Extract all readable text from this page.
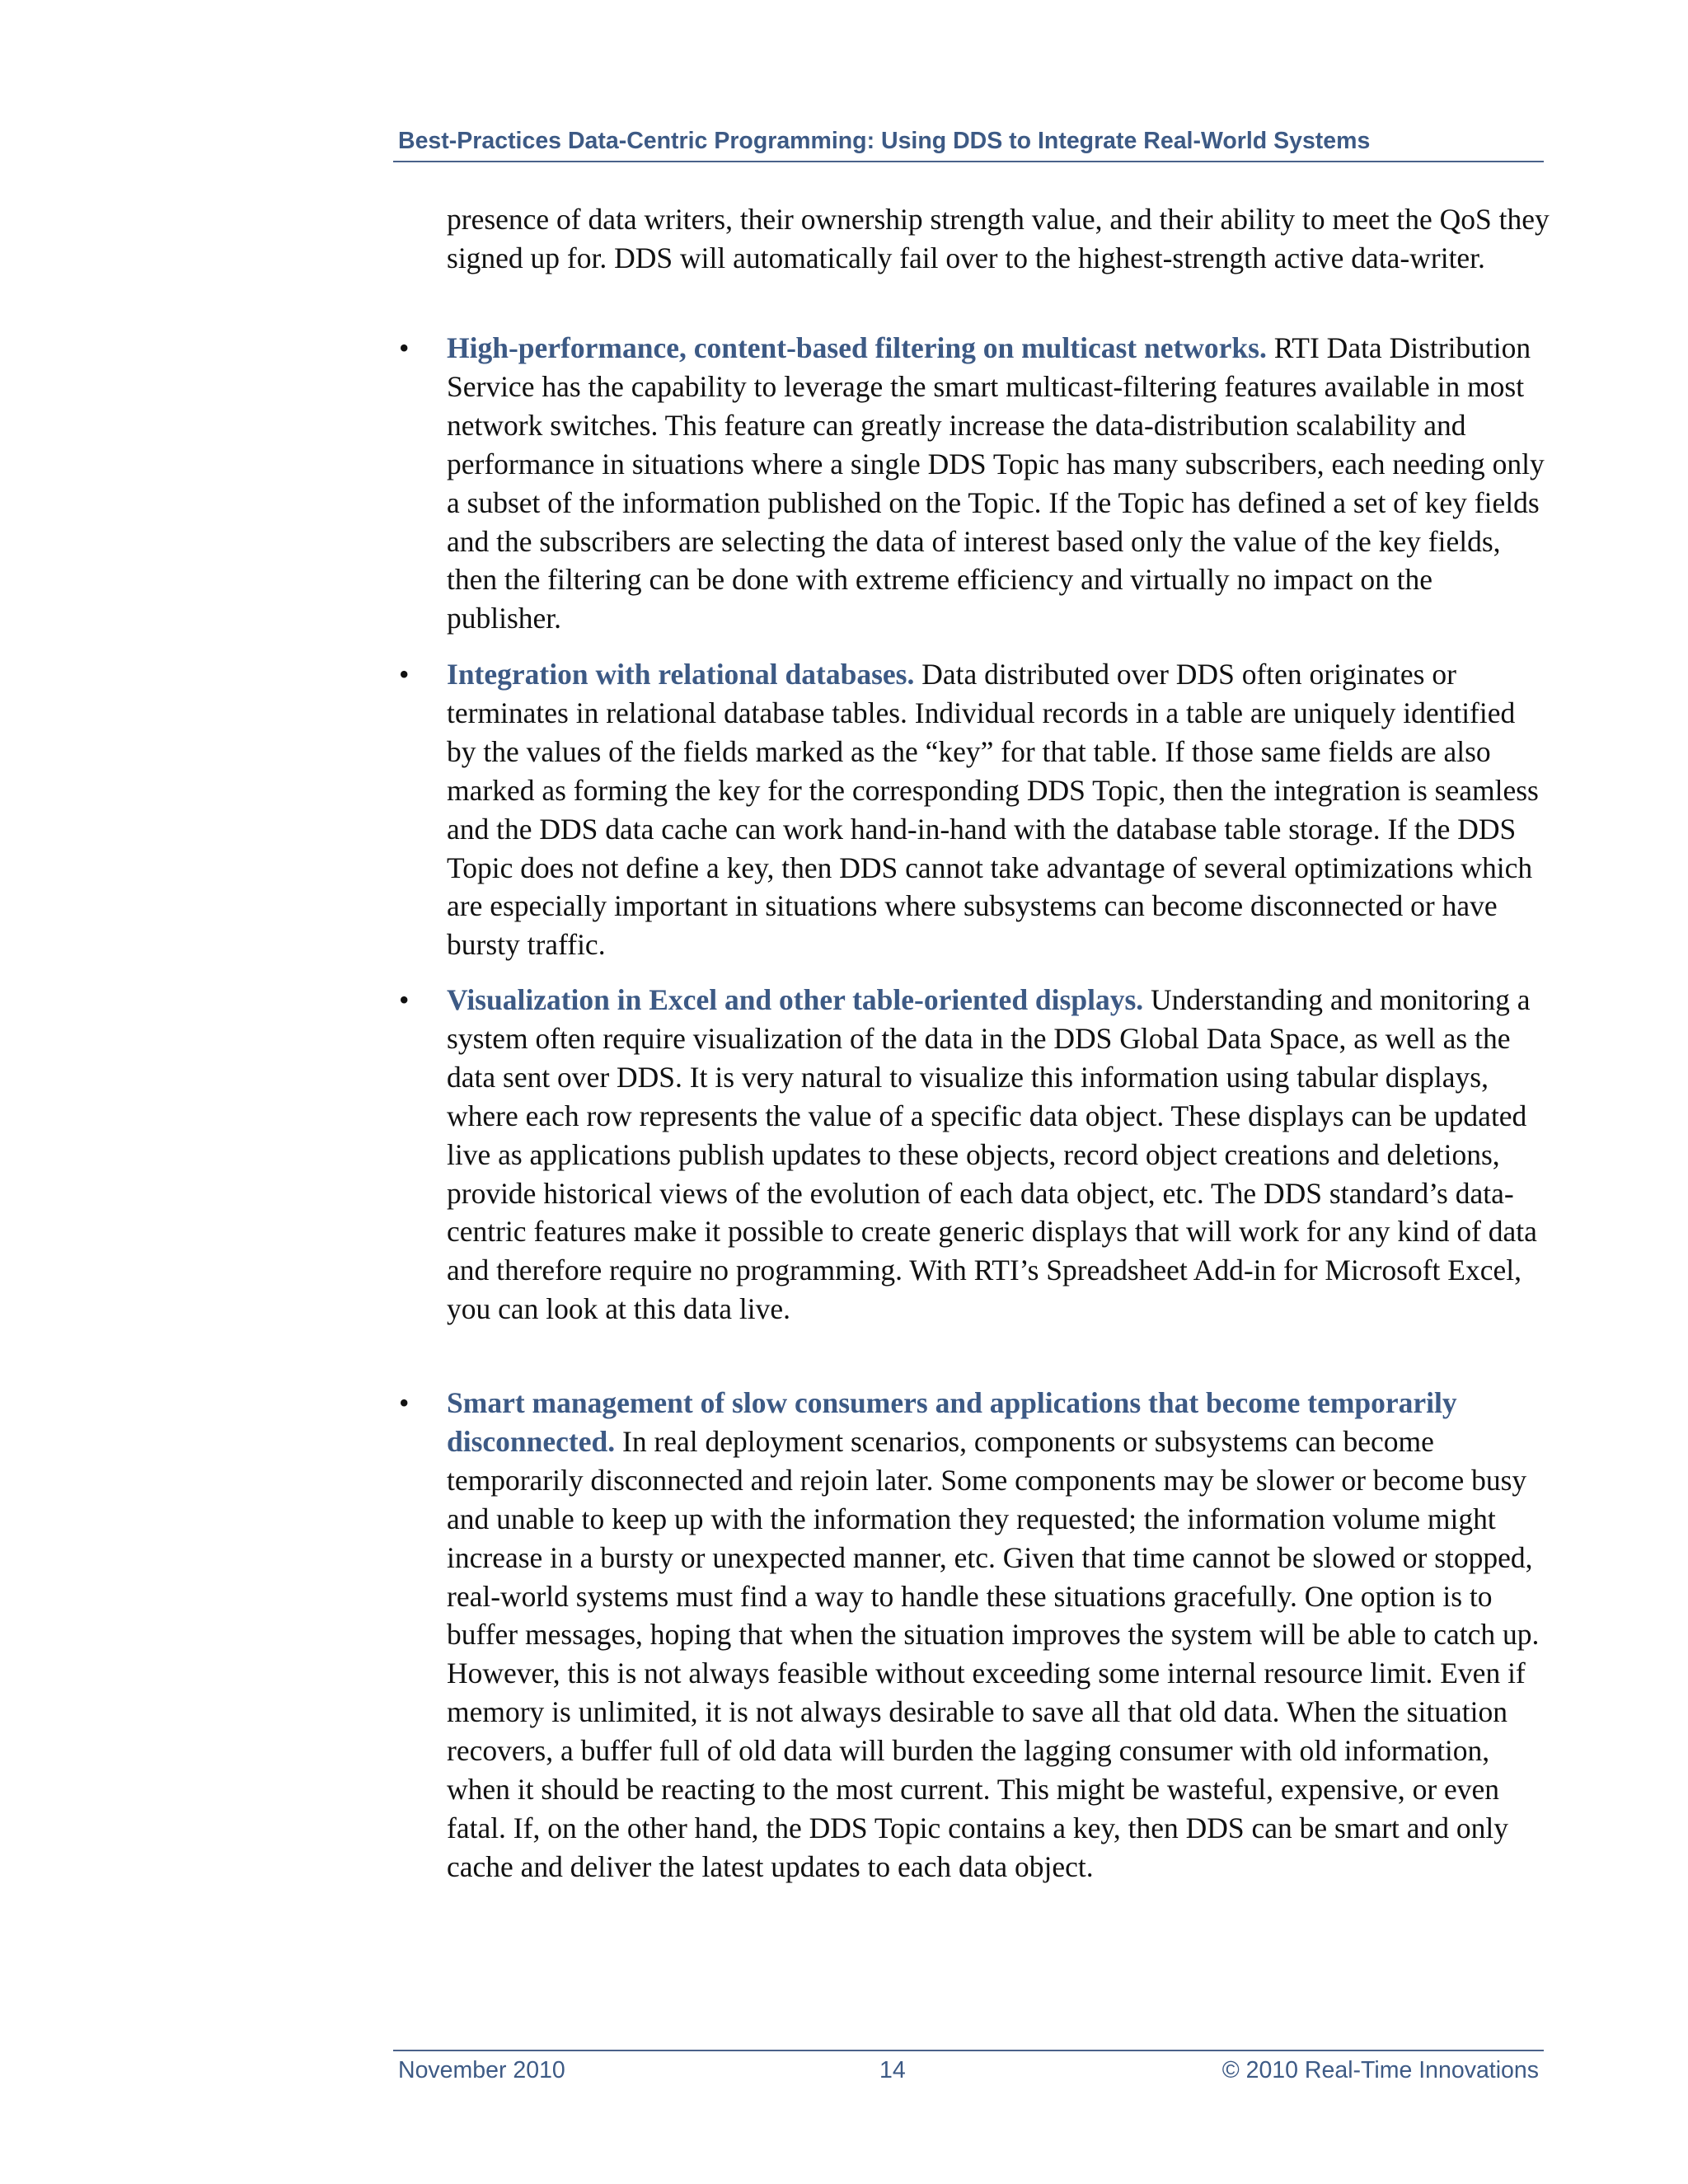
Best-Practices Data-Centric Programming: Using DDS to Integrate Real-World Systems
presence of data writers, their ownership strength value, and their ability to meet the QoS they signed up for. DDS will automatically fail over to the highest-strength active data-writer.
• High-performance, content-based filtering on multicast networks. RTI Data Distribution Service has the capability to leverage the smart multicast-filtering features available in most network switches. This feature can greatly increase the data-distribution scalability and performance in situations where a single DDS Topic has many subscribers, each needing only a subset of the information published on the Topic. If the Topic has defined a set of key fields and the subscribers are selecting the data of interest based only the value of the key fields, then the filtering can be done with extreme efficiency and virtually no impact on the publisher.
• Integration with relational databases. Data distributed over DDS often originates or terminates in relational database tables. Individual records in a table are uniquely identified by the values of the fields marked as the “key” for that table. If those same fields are also marked as forming the key for the corresponding DDS Topic, then the integration is seamless and the DDS data cache can work hand-in-hand with the database table storage. If the DDS Topic does not define a key, then DDS cannot take advantage of several optimizations which are especially important in situations where subsystems can become disconnected or have bursty traffic.
• Visualization in Excel and other table-oriented displays. Understanding and monitoring a system often require visualization of the data in the DDS Global Data Space, as well as the data sent over DDS. It is very natural to visualize this information using tabular displays, where each row represents the value of a specific data object. These displays can be updated live as applications publish updates to these objects, record object creations and deletions, provide historical views of the evolution of each data object, etc. The DDS standard’s data-centric features make it possible to create generic displays that will work for any kind of data and therefore require no programming. With RTI’s Spreadsheet Add-in for Microsoft Excel, you can look at this data live.
• Smart management of slow consumers and applications that become temporarily disconnected. In real deployment scenarios, components or subsystems can become temporarily disconnected and rejoin later. Some components may be slower or become busy and unable to keep up with the information they requested; the information volume might increase in a bursty or unexpected manner, etc. Given that time cannot be slowed or stopped, real-world systems must find a way to handle these situations gracefully. One option is to buffer messages, hoping that when the situation improves the system will be able to catch up. However, this is not always feasible without exceeding some internal resource limit. Even if memory is unlimited, it is not always desirable to save all that old data. When the situation recovers, a buffer full of old data will burden the lagging consumer with old information, when it should be reacting to the most current. This might be wasteful, expensive, or even fatal. If, on the other hand, the DDS Topic contains a key, then DDS can be smart and only cache and deliver the latest updates to each data object.
November 2010	14	© 2010 Real-Time Innovations
